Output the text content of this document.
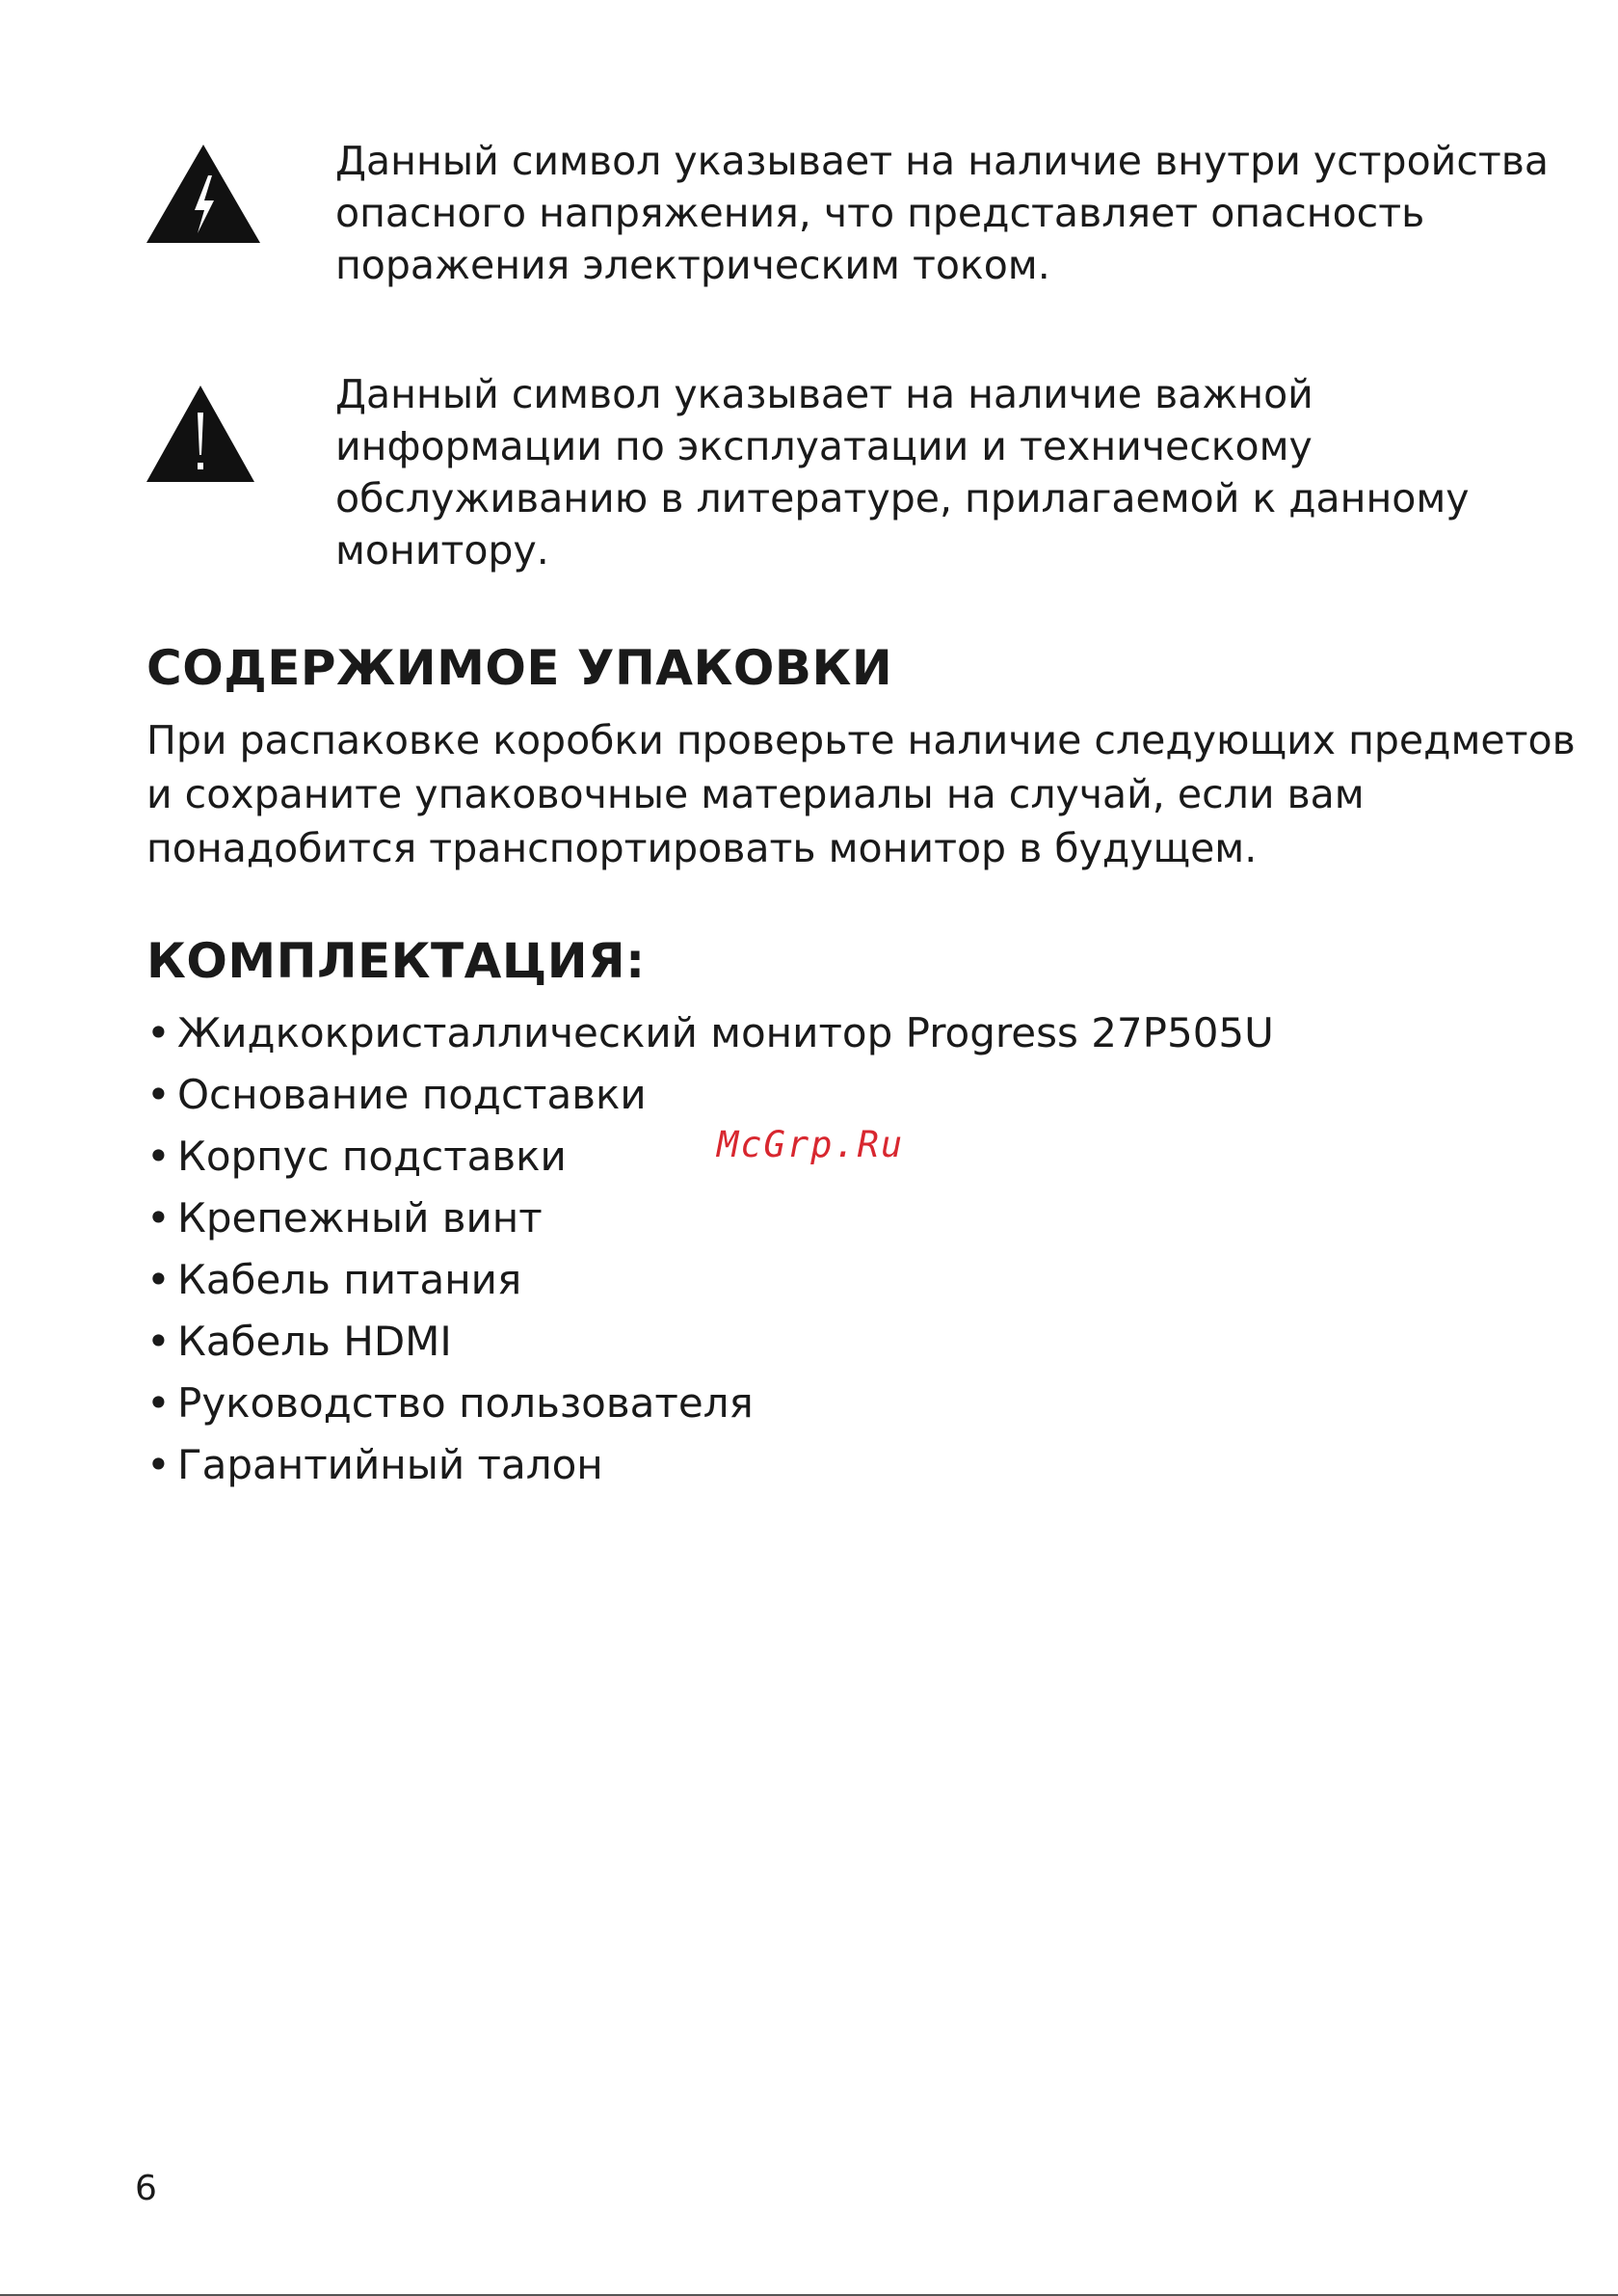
Данный символ указывает на наличие внутри устройства
опасного напряжения, что представляет опасность
поражения электрическим током.
Данный символ указывает на наличие важной
информации по эксплуатации и техническому
обслуживанию в литературе, прилагаемой к данному
монитору.
СОДЕРЖИМОЕ УПАКОВКИ
При распаковке коробки проверьте наличие следующих предметов
и сохраните упаковочные материалы на случай, если вам
понадобится транспортировать монитор в будущем.
КОМПЛЕКТАЦИЯ:
• Жидкокристаллический монитор Progress 27P505U
• Основание подставки
• Корпус подставки
• Крепежный винт
• Кабель питания
• Кабель HDMI
• Руководство пользователя
• Гарантийный талон
McGrp.Ru
6
